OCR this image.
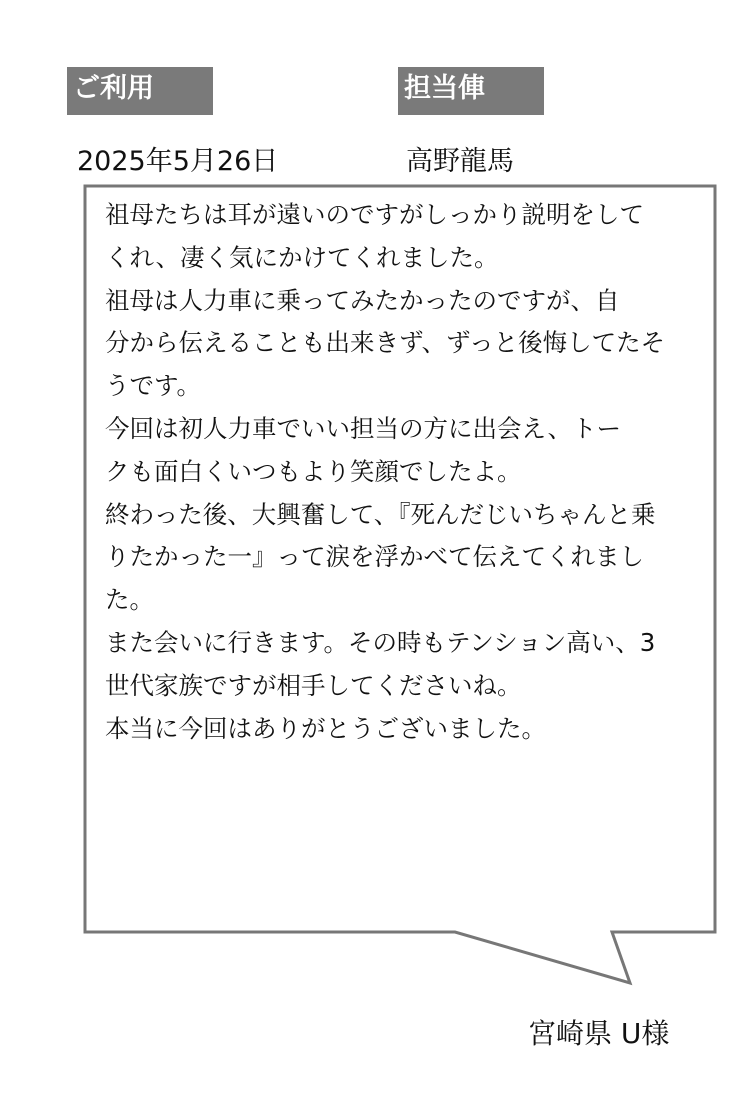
ご利用	担当俥
2025年5月26日	高野龍馬
祖母たちは耳が遠いのですがしっかり説明をして
くれ、凄く気にかけてくれました。
祖母は人力車に乗ってみたかったのですが、自
分から伝えることも出来きず、ずっと後悔してたそ
うです。
今回は初人力車でいい担当の方に出会え、トー
クも面白くいつもより笑顔でしたよ。
終わった後、大興奮して、『死んだじいちゃんと乗
りたかった一』って涙を浮かべて伝えてくれまし
た。
また会いに行きます。その時もテンション高い、3
世代家族ですが相手してくださいね。
本当に今回はありがとうございました。
宮崎県 U様
